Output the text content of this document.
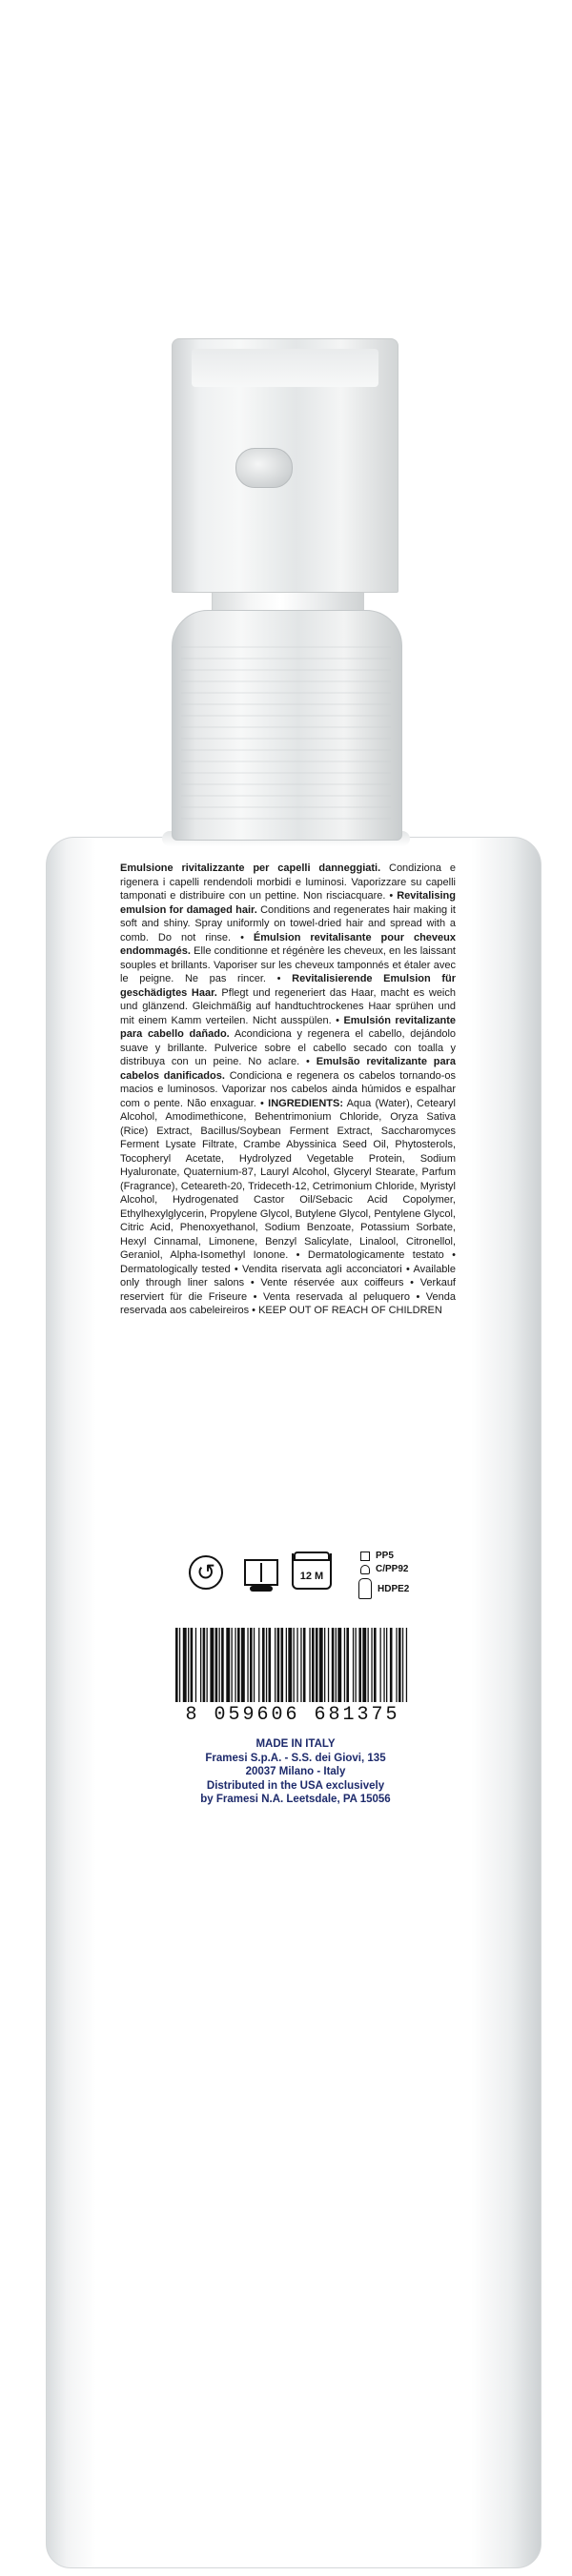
Emulsione rivitalizzante per capelli danneggiati. Condiziona e rigenera i capelli rendendoli morbidi e luminosi. Vaporizzare su capelli tamponati e distribuire con un pettine. Non risciacquare. • Revitalising emulsion for damaged hair. Conditions and regenerates hair making it soft and shiny. Spray uniformly on towel-dried hair and spread with a comb. Do not rinse. • Émulsion revitalisante pour cheveux endommagés. Elle conditionne et régénère les cheveux, en les laissant souples et brillants. Vaporiser sur les cheveux tamponnés et étaler avec le peigne. Ne pas rincer. • Revitalisierende Emulsion für geschädigtes Haar. Pflegt und regeneriert das Haar, macht es weich und glänzend. Gleichmäßig auf handtuchtrockenes Haar sprühen und mit einem Kamm verteilen. Nicht ausspülen. • Emulsión revitalizante para cabello dañado. Acondiciona y regenera el cabello, dejándolo suave y brillante. Pulverice sobre el cabello secado con toalla y distribuya con un peine. No aclare. • Emulsão revitalizante para cabelos danificados. Condiciona e regenera os cabelos tornando-os macios e luminosos. Vaporizar nos cabelos ainda húmidos e espalhar com o pente. Não enxaguar. • INGREDIENTS: Aqua (Water), Cetearyl Alcohol, Amodimethicone, Behentrimonium Chloride, Oryza Sativa (Rice) Extract, Bacillus/Soybean Ferment Extract, Saccharomyces Ferment Lysate Filtrate, Crambe Abyssinica Seed Oil, Phytosterols, Tocopheryl Acetate, Hydrolyzed Vegetable Protein, Sodium Hyaluronate, Quaternium-87, Lauryl Alcohol, Glyceryl Stearate, Parfum (Fragrance), Ceteareth-20, Trideceth-12, Cetrimonium Chloride, Myristyl Alcohol, Hydrogenated Castor Oil/Sebacic Acid Copolymer, Ethylhexylglycerin, Propylene Glycol, Butylene Glycol, Pentylene Glycol, Citric Acid, Phenoxyethanol, Sodium Benzoate, Potassium Sorbate, Hexyl Cinnamal, Limonene, Benzyl Salicylate, Linalool, Citronellol, Geraniol, Alpha-Isomethyl Ionone. • Dermatologicamente testato • Dermatologically tested • Vendita riservata agli acconciatori • Available only through liner salons • Vente réservée aux coiffeurs • Verkauf reserviert für die Friseure • Venta reservada al peluquero • Venda reservada aos cabeleireiros • KEEP OUT OF REACH OF CHILDREN
↺
12 M
PP5
C/PP92
HDPE2
8 059606 681375
MADE IN ITALY
Framesi S.p.A. - S.S. dei Giovi, 135
20037 Milano - Italy
Distributed in the USA exclusively
by Framesi N.A. Leetsdale, PA 15056
